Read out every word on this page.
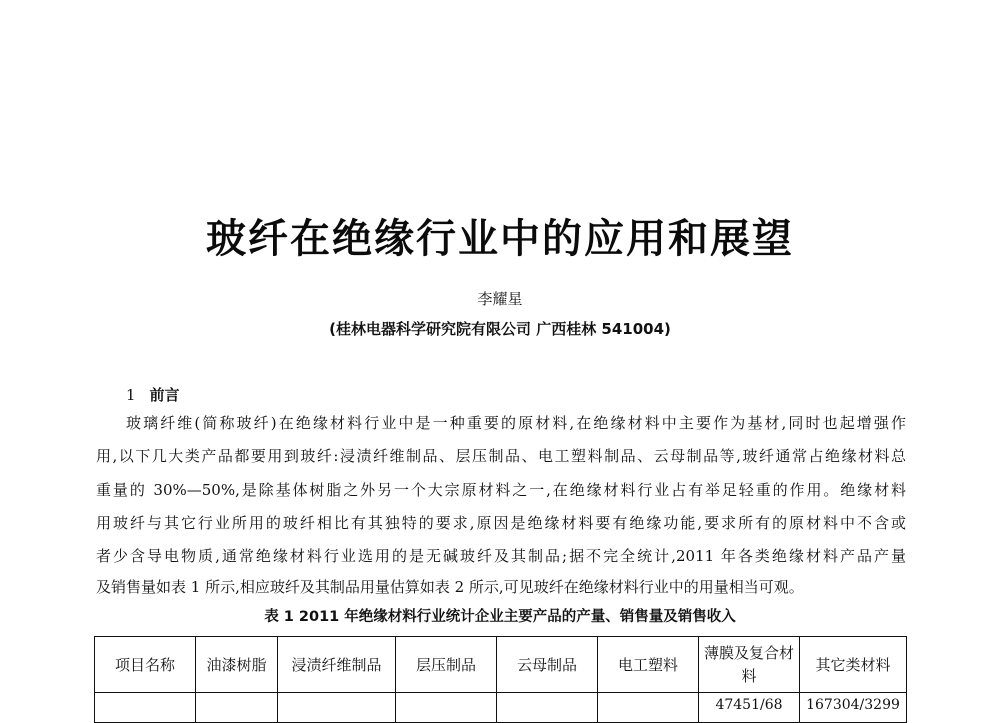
玻纤在绝缘行业中的应用和展望
李耀星
(桂林电器科学研究院有限公司 广西桂林 541004)
1 前言
玻璃纤维(简称玻纤)在绝缘材料行业中是一种重要的原材料,在绝缘材料中主要作为基材,同时也起增强作
用,以下几大类产品都要用到玻纤:浸渍纤维制品、层压制品、电工塑料制品、云母制品等,玻纤通常占绝缘材料总
重量的 30%—50%,是除基体树脂之外另一个大宗原材料之一,在绝缘材料行业占有举足轻重的作用。绝缘材料
用玻纤与其它行业所用的玻纤相比有其独特的要求,原因是绝缘材料要有绝缘功能,要求所有的原材料中不含或
者少含导电物质,通常绝缘材料行业选用的是无碱玻纤及其制品;据不完全统计,2011 年各类绝缘材料产品产量
及销售量如表 1 所示,相应玻纤及其制品用量估算如表 2 所示,可见玻纤在绝缘材料行业中的用量相当可观。
表 1 2011 年绝缘材料行业统计企业主要产品的产量、销售量及销售收入
项目名称	油漆树脂	浸渍纤维制品	层压制品	云母制品	电工塑料	薄膜及复合材料	其它类材料
						47451/68	167304/3299
